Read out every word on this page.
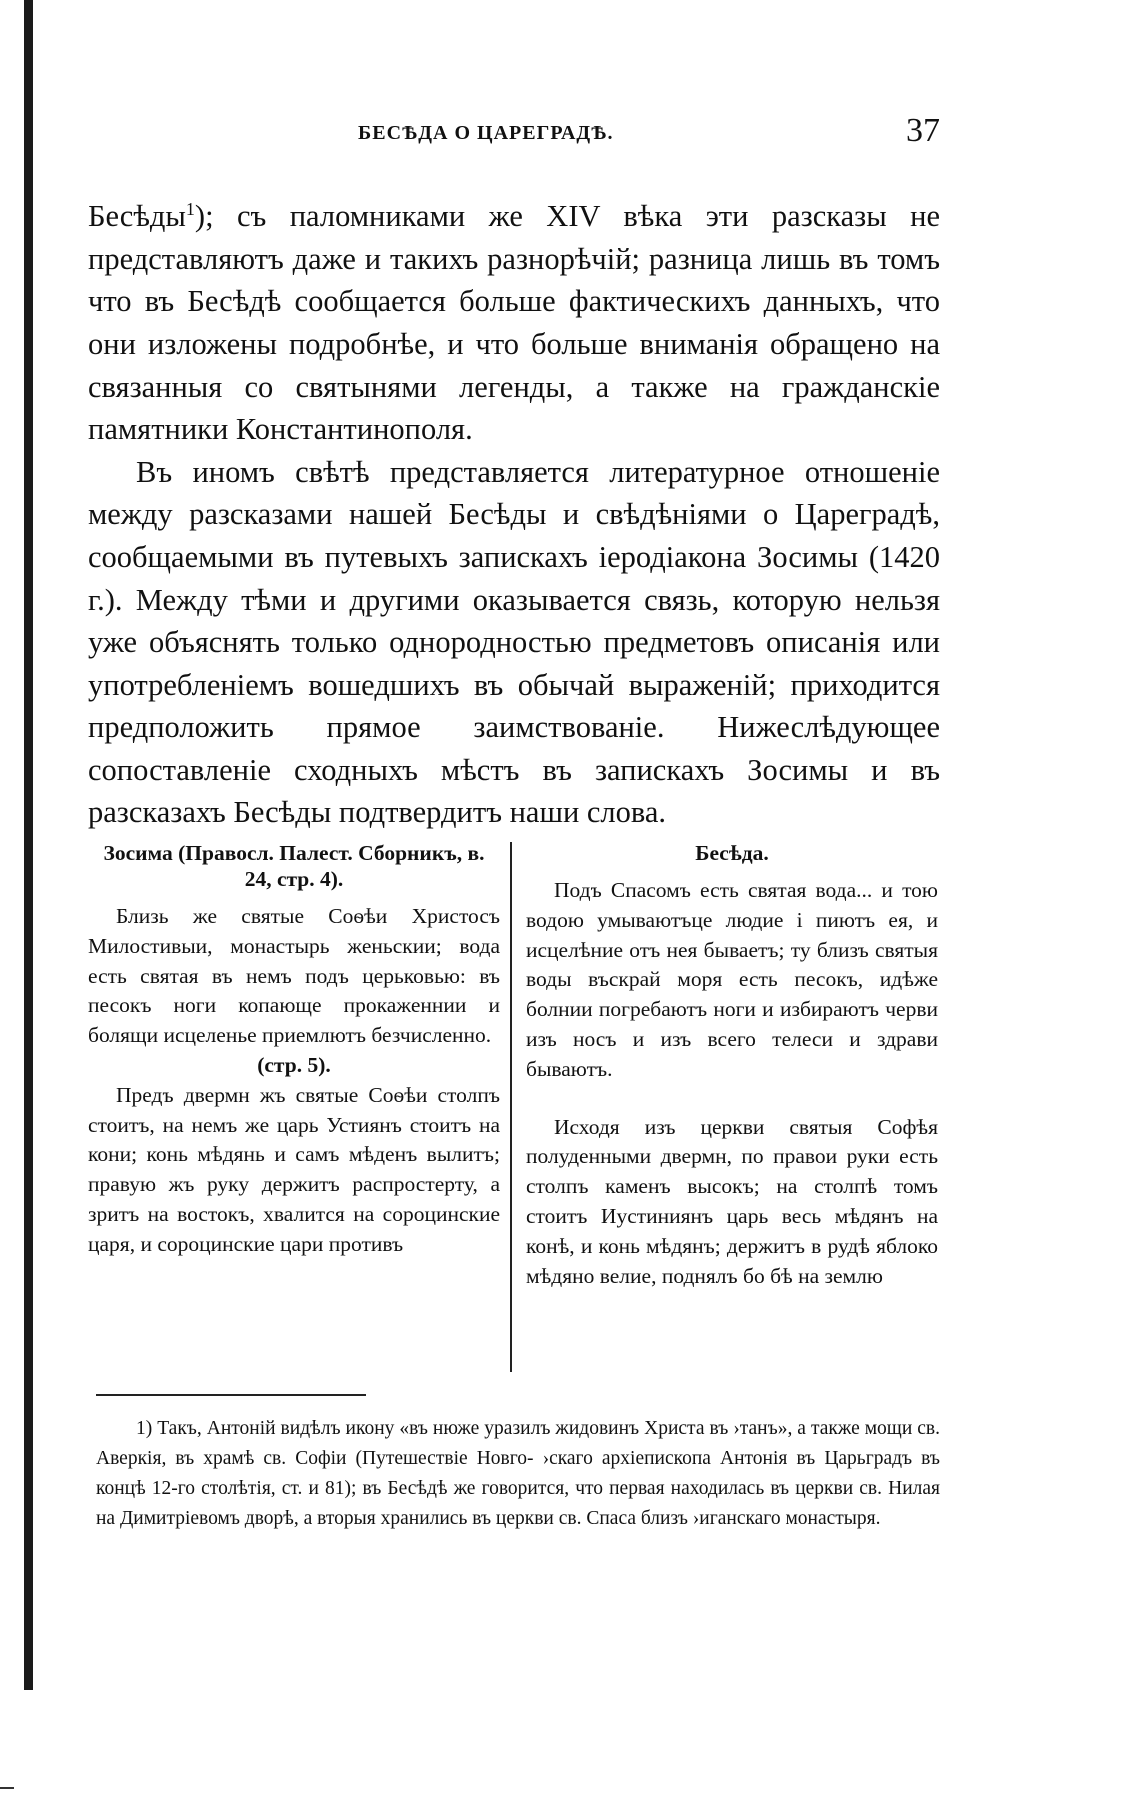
БЕСѢДА О ЦАРЕГРАДѢ.	37

Бесѣды$^1$); съ паломниками же XIV вѣка эти разсказы не представляютъ даже и такихъ разнорѣчій; разница лишь въ томъ что въ Бесѣдѣ сообщается больше фактическихъ данныхъ, что они изложены подробнѣе, и что больше вниманія обращено на связанныя со святынями легенды, а также на гражданскіе памятники Константинополя.

Въ иномъ свѣтѣ представляется литературное отношеніе между разсказами нашей Бесѣды и свѣдѣніями о Цареградѣ, сообщаемыми въ путевыхъ запискахъ іеродіакона Зосимы (1420 г.). Между тѣми и другими оказывается связь, которую нельзя уже объяснять только однородностью предметовъ описанія или употребленіемъ вошедшихъ въ обычай выраженій; приходится предположить прямое заимствованіе. Нижеслѣдующее сопоставленіе сходныхъ мѣстъ въ запискахъ Зосимы и въ разсказахъ Бесѣды подтвердитъ наши слова.

Зосима (Правосл. Палест. Сборникъ, в. 24, стр. 4).

Близь же святые Соѳѣи Христосъ Милостивыи, монастырь женьскии; вода есть святая въ немъ подъ церьковью: въ песокъ ноги копающе прокаженнии и болящи исцеленье приемлютъ безчисленно.

(стр. 5).

Предъ двермн жъ святые Соѳѣи столпъ стоитъ, на немъ же царь Устиянъ стоитъ на кони; конь мѣдянь и самъ мѣденъ вылитъ; правую жъ руку держитъ распростерту, а зритъ на востокъ, хвалится на сороцинские царя, и сороцинские цари противъ

Бесѣда.

Подъ Спасомъ есть святая вода... и тою водою умываютъце людие і пиютъ ея, и исцелѣние отъ нея бываетъ; ту близъ святыя воды въскрай моря есть песокъ, идѣже болнии погребаютъ ноги и избираютъ черви изъ носъ и изъ всего телеси и здрави бываютъ.

Исходя изъ церкви святыя Софѣя полуденными двермн, по правои руки есть столпъ каменъ высокъ; на столпѣ томъ стоитъ Иустиниянъ царь весь мѣдянъ на конѣ, и конь мѣдянъ; держитъ в рудѣ яблоко мѣдяно велие, поднялъ бо бѣ на землю

1) Такъ, Антоній видѣлъ икону «въ нюже уразилъ жидовинъ Христа въ ›танъ», а также мощи св. Аверкія, въ храмѣ св. Софіи (Путешествіе Новго- ›скаго архіепископа Антонія въ Царьградъ въ концѣ 12-го столѣтія, ст. и 81); въ Бесѣдѣ же говорится, что первая находилась въ церкви св. Нилая на Димитріевомъ дворѣ, а вторыя хранились въ церкви св. Спаса близъ ›иганскаго монастыря.
